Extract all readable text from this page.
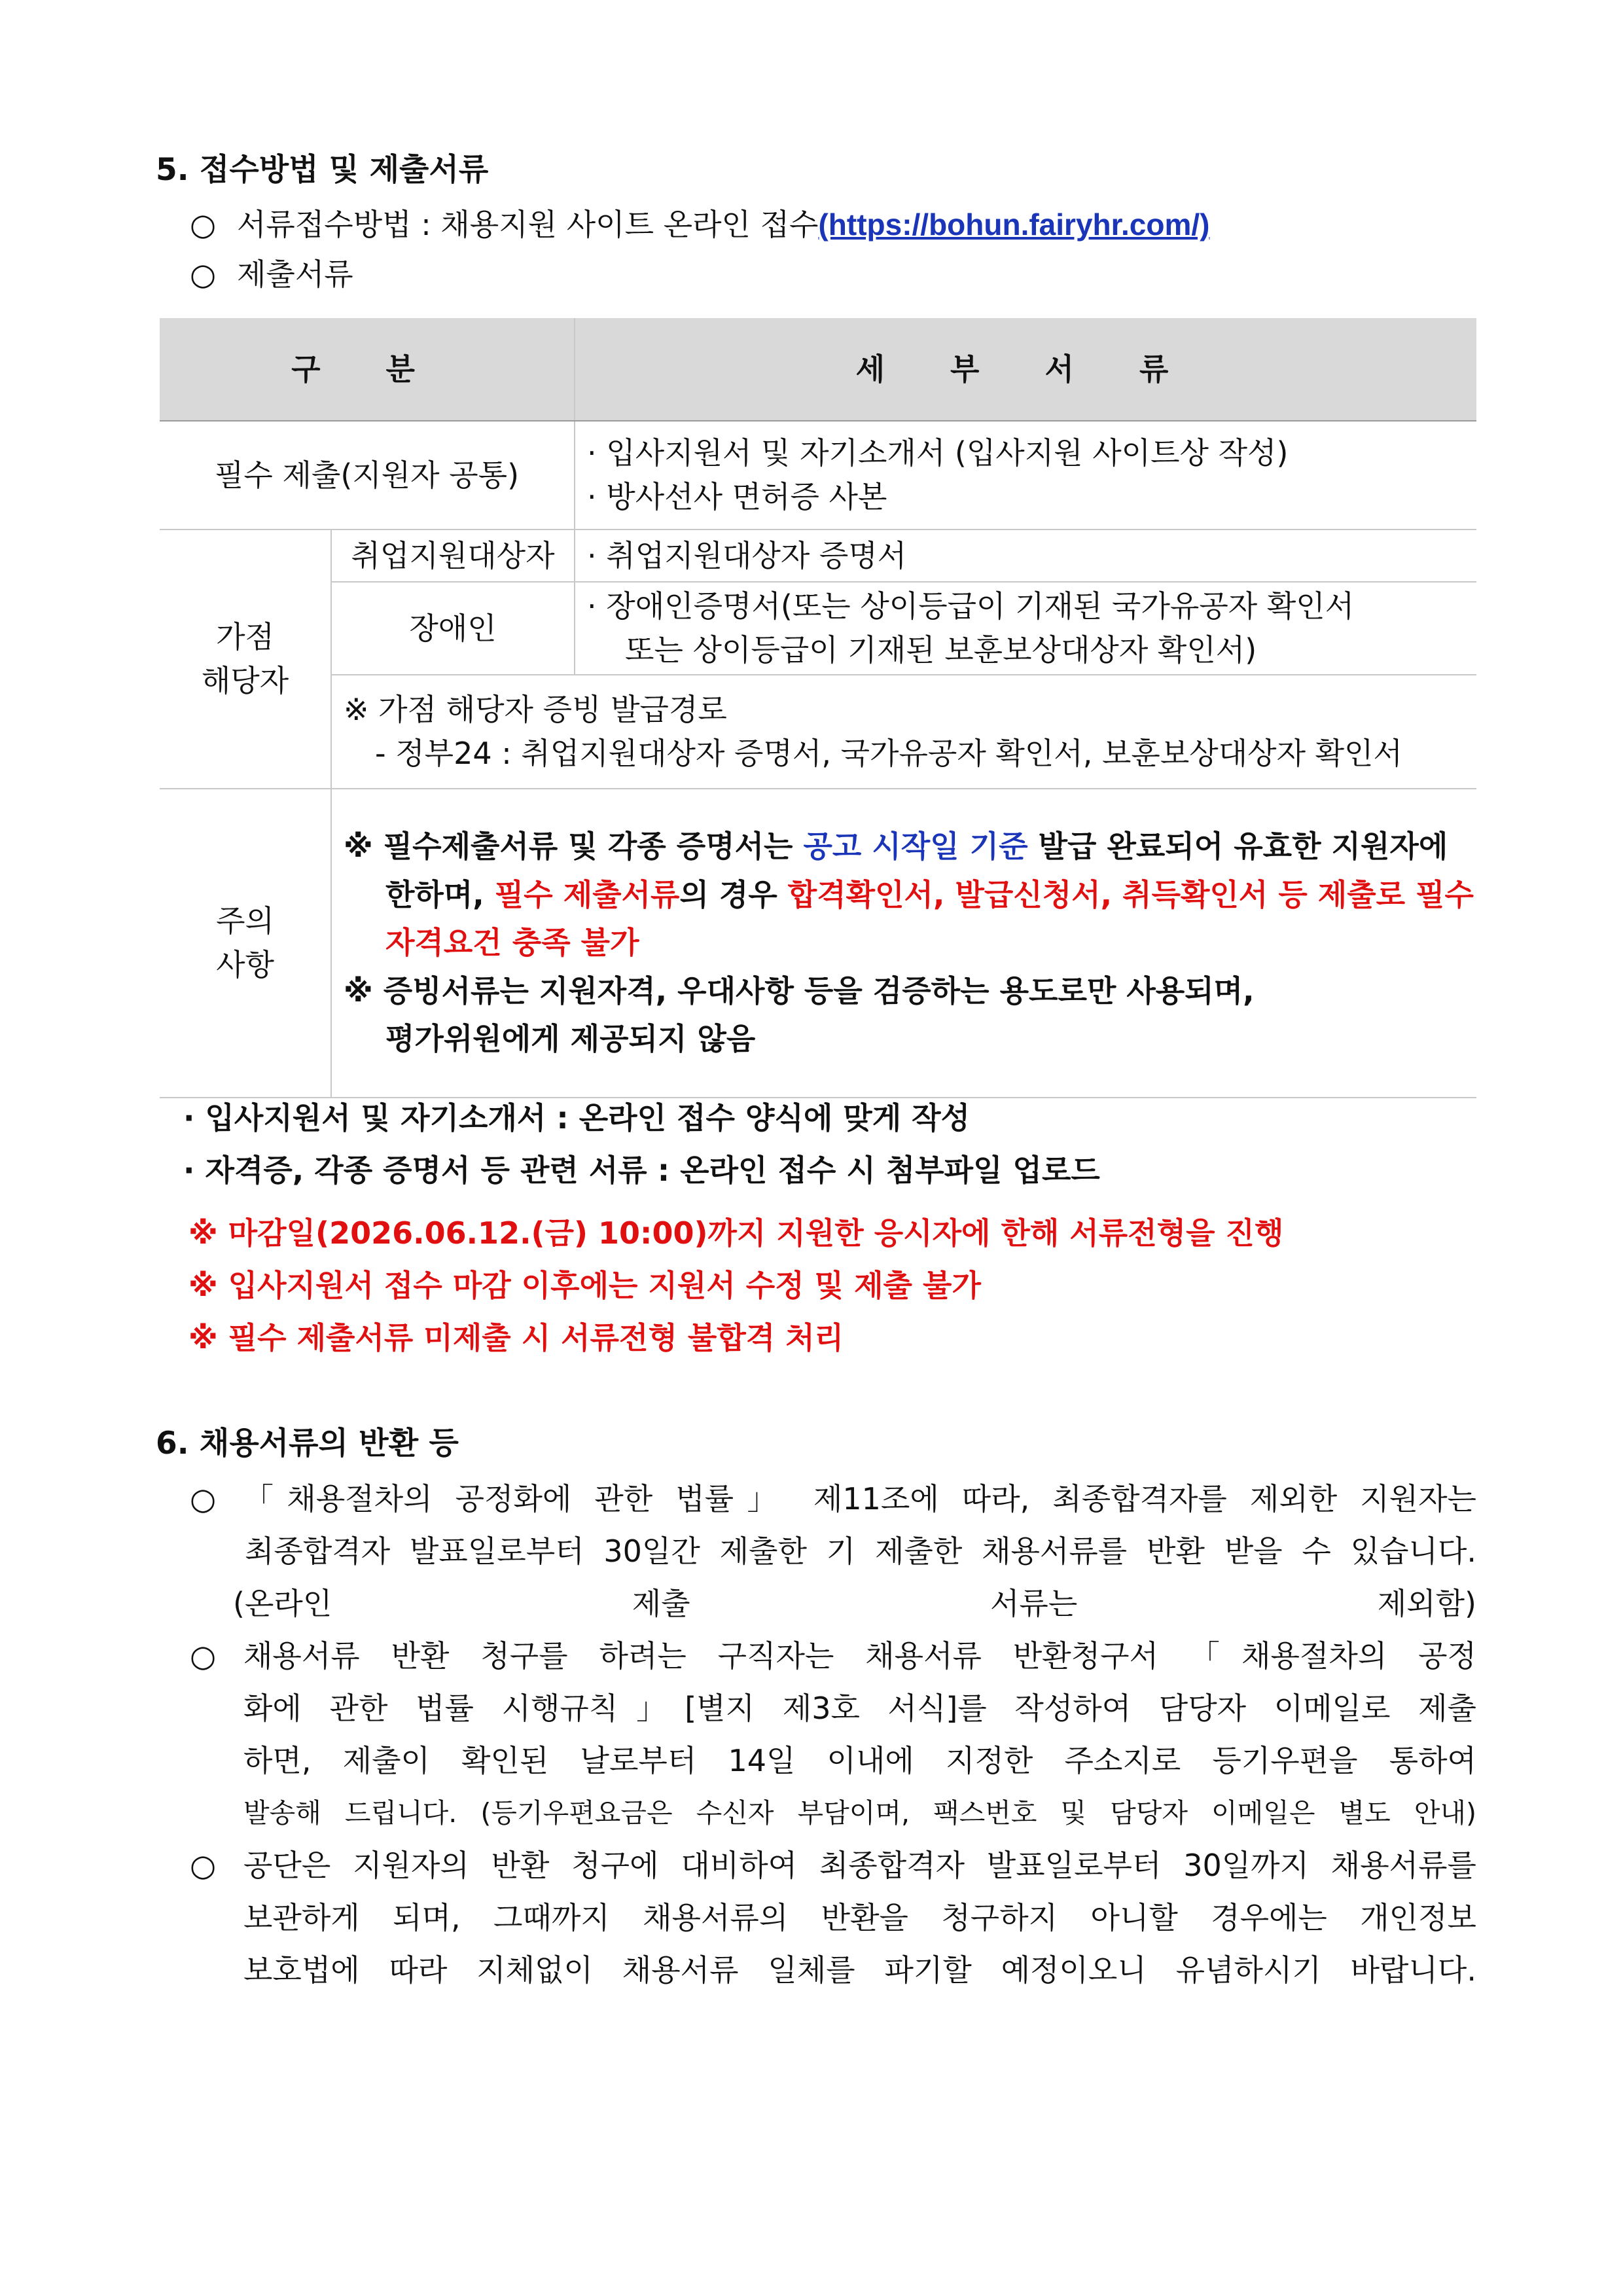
5. 접수방법 및 제출서류
○ 서류접수방법 : 채용지원 사이트 온라인 접수(https://bohun.fairyhr.com/)
○ 제출서류
구 분		세 부 서 류
필수 제출(지원자 공통)		· 입사지원서 및 자기소개서 (입사지원 사이트상 작성)
· 방사선사 면허증 사본

가점
해당자	취업지원대상자	· 취업지원대상자 증명서
	장애인	· 장애인증명서(또는 상이등급이 기재된 국가유공자 확인서
또는 상이등급이 기재된 보훈보상대상자 확인서)

	※ 가점 해당자 증빙 발급경로
- 정부24 : 취업지원대상자 증명서, 국가유공자 확인서, 보훈보상대상자 확인서	

주의
사항	※ 필수제출서류 및 각종 증명서는 공고 시작일 기준 발급 완료되어 유효한 지원자에
한하며, 필수 제출서류의 경우 합격확인서, 발급신청서, 취득확인서 등 제출로 필수
자격요건 충족 불가
※ 증빙서류는 지원자격, 우대사항 등을 검증하는 용도로만 사용되며,
평가위원에게 제공되지 않음	
· 입사지원서 및 자기소개서 : 온라인 접수 양식에 맞게 작성
· 자격증, 각종 증명서 등 관련 서류 : 온라인 접수 시 첨부파일 업로드
※ 마감일(2026.06.12.(금) 10:00)까지 지원한 응시자에 한해 서류전형을 진행
※ 입사지원서 접수 마감 이후에는 지원서 수정 및 제출 불가
※ 필수 제출서류 미제출 시 서류전형 불합격 처리
6. 채용서류의 반환 등
○ 「채용절차의 공정화에 관한 법률」 제11조에 따라, 최종합격자를 제외한 지원자는
최종합격자 발표일로부터 30일간 제출한 기 제출한 채용서류를 반환 받을 수 있습니다.
(온라인 제출 서류는 제외함)
○ 채용서류 반환 청구를 하려는 구직자는 채용서류 반환청구서 「채용절차의 공정
화에 관한 법률 시행규칙」[별지 제3호 서식]를 작성하여 담당자 이메일로 제출
하면, 제출이 확인된 날로부터 14일 이내에 지정한 주소지로 등기우편을 통하여
발송해 드립니다. (등기우편요금은 수신자 부담이며, 팩스번호 및 담당자 이메일은 별도 안내)
○ 공단은 지원자의 반환 청구에 대비하여 최종합격자 발표일로부터 30일까지 채용서류를
보관하게 되며, 그때까지 채용서류의 반환을 청구하지 아니할 경우에는 개인정보
보호법에 따라 지체없이 채용서류 일체를 파기할 예정이오니 유념하시기 바랍니다.
